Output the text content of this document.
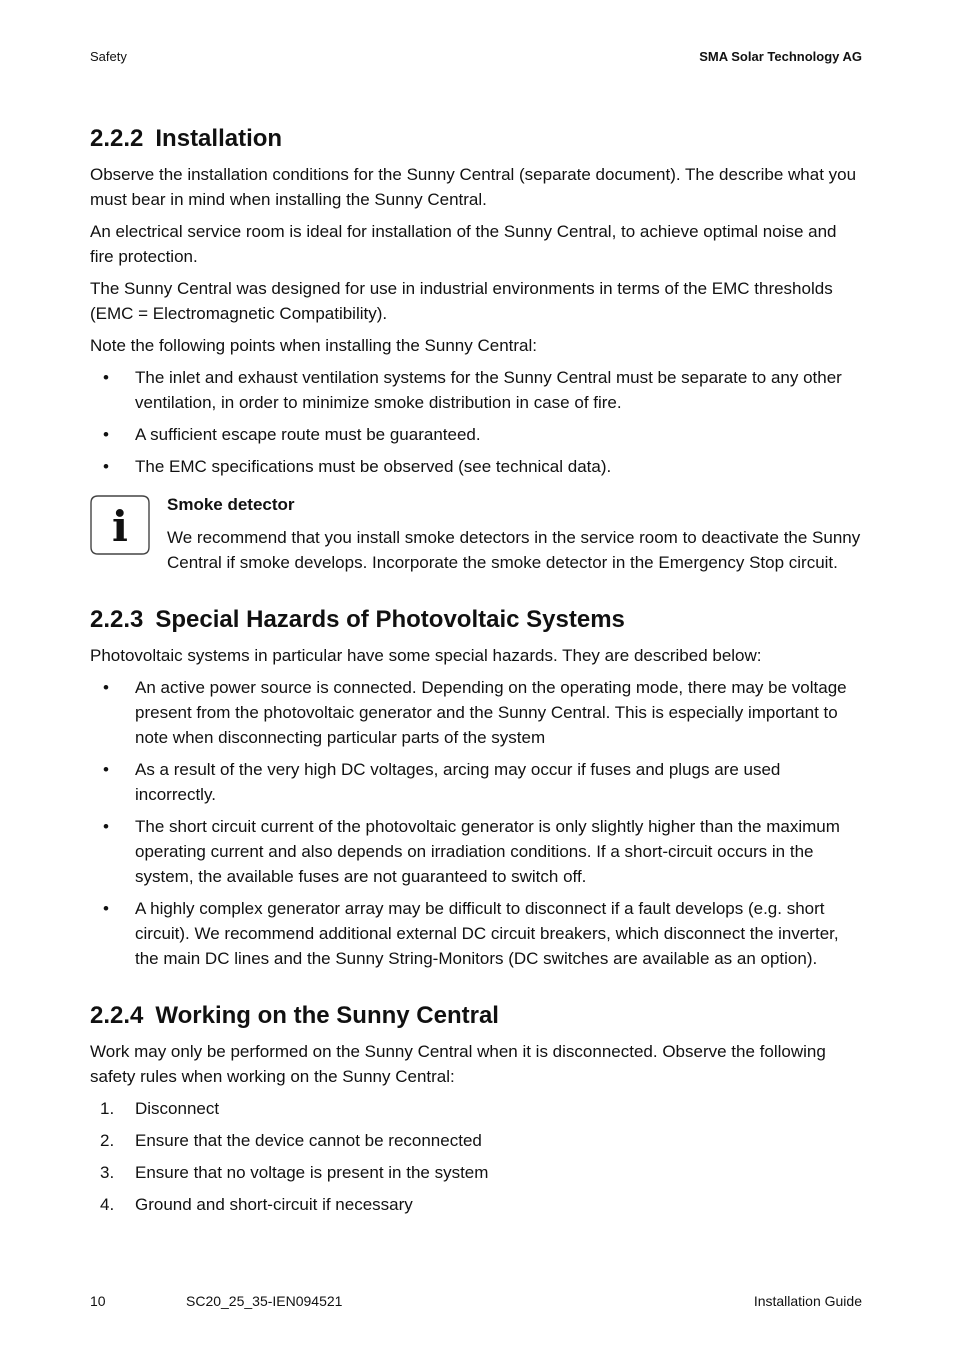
Safety	SMA Solar Technology AG
2.2.2 Installation

Observe the installation conditions for the Sunny Central (separate document). The describe what you must bear in mind when installing the Sunny Central.

An electrical service room is ideal for installation of the Sunny Central, to achieve optimal noise and fire protection.

The Sunny Central was designed for use in industrial environments in terms of the EMC thresholds (EMC = Electromagnetic Compatibility).

Note the following points when installing the Sunny Central:

• The inlet and exhaust ventilation systems for the Sunny Central must be separate to any other ventilation, in order to minimize smoke distribution in case of fire.
• A sufficient escape route must be guaranteed.
• The EMC specifications must be observed (see technical data).
i Smoke detector

We recommend that you install smoke detectors in the service room to deactivate the Sunny Central if smoke develops. Incorporate the smoke detector in the Emergency Stop circuit.

2.2.3 Special Hazards of Photovoltaic Systems

Photovoltaic systems in particular have some special hazards. They are described below:

• An active power source is connected. Depending on the operating mode, there may be voltage present from the photovoltaic generator and the Sunny Central. This is especially important to note when disconnecting particular parts of the system
• As a result of the very high DC voltages, arcing may occur if fuses and plugs are used incorrectly.
• The short circuit current of the photovoltaic generator is only slightly higher than the maximum operating current and also depends on irradiation conditions. If a short-circuit occurs in the system, the available fuses are not guaranteed to switch off.
• A highly complex generator array may be difficult to disconnect if a fault develops (e.g. short circuit). We recommend additional external DC circuit breakers, which disconnect the inverter, the main DC lines and the Sunny String-Monitors (DC switches are available as an option).
2.2.4 Working on the Sunny Central

Work may only be performed on the Sunny Central when it is disconnected. Observe the following safety rules when working on the Sunny Central:

1. Disconnect
2. Ensure that the device cannot be reconnected
3. Ensure that no voltage is present in the system
4. Ground and short-circuit if necessary
10	SC20_25_35-IEN094521	Installation Guide
